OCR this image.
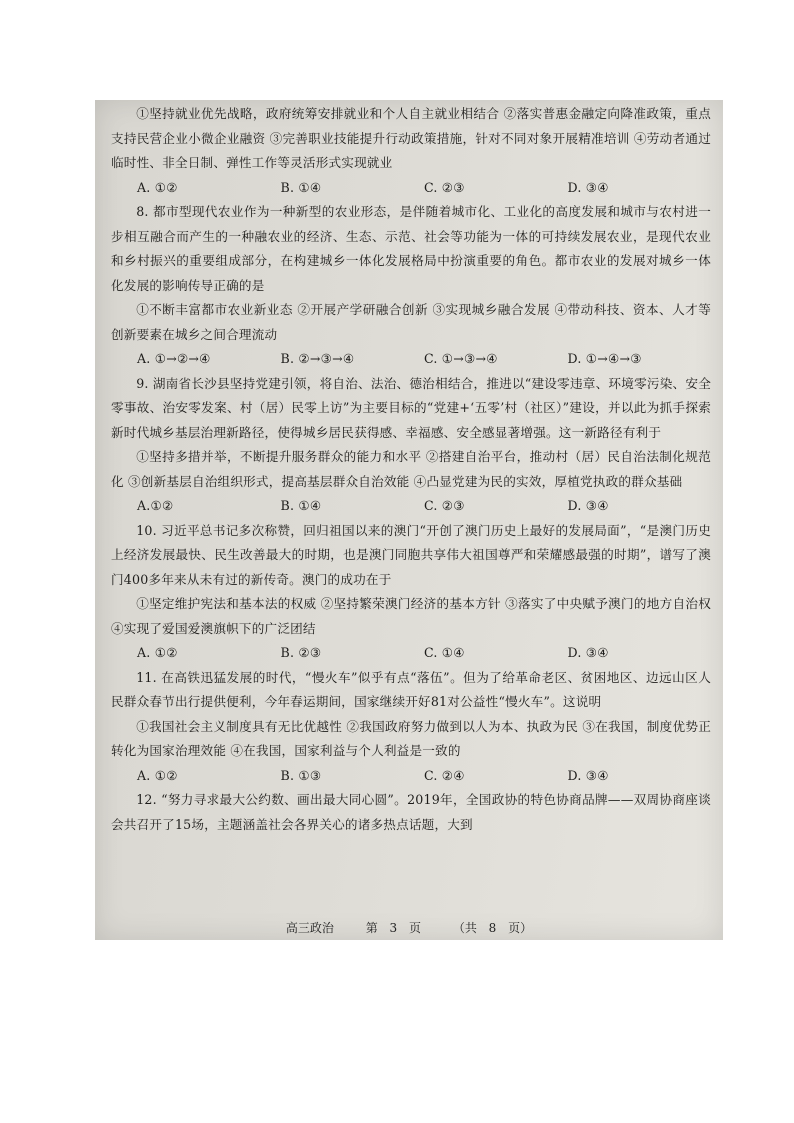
①坚持就业优先战略，政府统筹安排就业和个人自主就业相结合 ②落实普惠金融定向降准政策，重点支持民营企业小微企业融资 ③完善职业技能提升行动政策措施，针对不同对象开展精准培训 ④劳动者通过临时性、非全日制、弹性工作等灵活形式实现就业

A. ①②	B. ①④	C. ②③	D. ③④

8. 都市型现代农业作为一种新型的农业形态，是伴随着城市化、工业化的高度发展和城市与农村进一步相互融合而产生的一种融农业的经济、生态、示范、社会等功能为一体的可持续发展农业，是现代农业和乡村振兴的重要组成部分，在构建城乡一体化发展格局中扮演重要的角色。都市农业的发展对城乡一体化发展的影响传导正确的是

①不断丰富都市农业新业态 ②开展产学研融合创新 ③实现城乡融合发展 ④带动科技、资本、人才等创新要素在城乡之间合理流动

A. ①→②→④	B. ②→③→④	C. ①→③→④	D. ①→④→③

9. 湖南省长沙县坚持党建引领，将自治、法治、德治相结合，推进以“建设零违章、环境零污染、安全零事故、治安零发案、村（居）民零上访”为主要目标的“党建+‘五零’村（社区）”建设，并以此为抓手探索新时代城乡基层治理新路径，使得城乡居民获得感、幸福感、安全感显著增强。这一新路径有利于

①坚持多措并举，不断提升服务群众的能力和水平 ②搭建自治平台，推动村（居）民自治法制化规范化 ③创新基层自治组织形式，提高基层群众自治效能 ④凸显党建为民的实效，厚植党执政的群众基础

A.①②	B. ①④	C. ②③	D. ③④

10. 习近平总书记多次称赞，回归祖国以来的澳门“开创了澳门历史上最好的发展局面”，“是澳门历史上经济发展最快、民生改善最大的时期，也是澳门同胞共享伟大祖国尊严和荣耀感最强的时期”，谱写了澳门400多年来从未有过的新传奇。澳门的成功在于

①坚定维护宪法和基本法的权威 ②坚持繁荣澳门经济的基本方针 ③落实了中央赋予澳门的地方自治权 ④实现了爱国爱澳旗帜下的广泛团结

A. ①②	B. ②③	C. ①④	D. ③④

11. 在高铁迅猛发展的时代，“慢火车”似乎有点“落伍”。但为了给革命老区、贫困地区、边远山区人民群众春节出行提供便利，今年春运期间，国家继续开好81对公益性“慢火车”。这说明

①我国社会主义制度具有无比优越性 ②我国政府努力做到以人为本、执政为民 ③在我国，制度优势正转化为国家治理效能 ④在我国，国家利益与个人利益是一致的

A. ①②	B. ①③	C. ②④	D. ③④

12. “努力寻求最大公约数、画出最大同心圆”。2019年，全国政协的特色协商品牌——双周协商座谈会共召开了15场，主题涵盖社会各界关心的诸多热点话题，大到

高三政治	第 3 页	（共 8 页）
